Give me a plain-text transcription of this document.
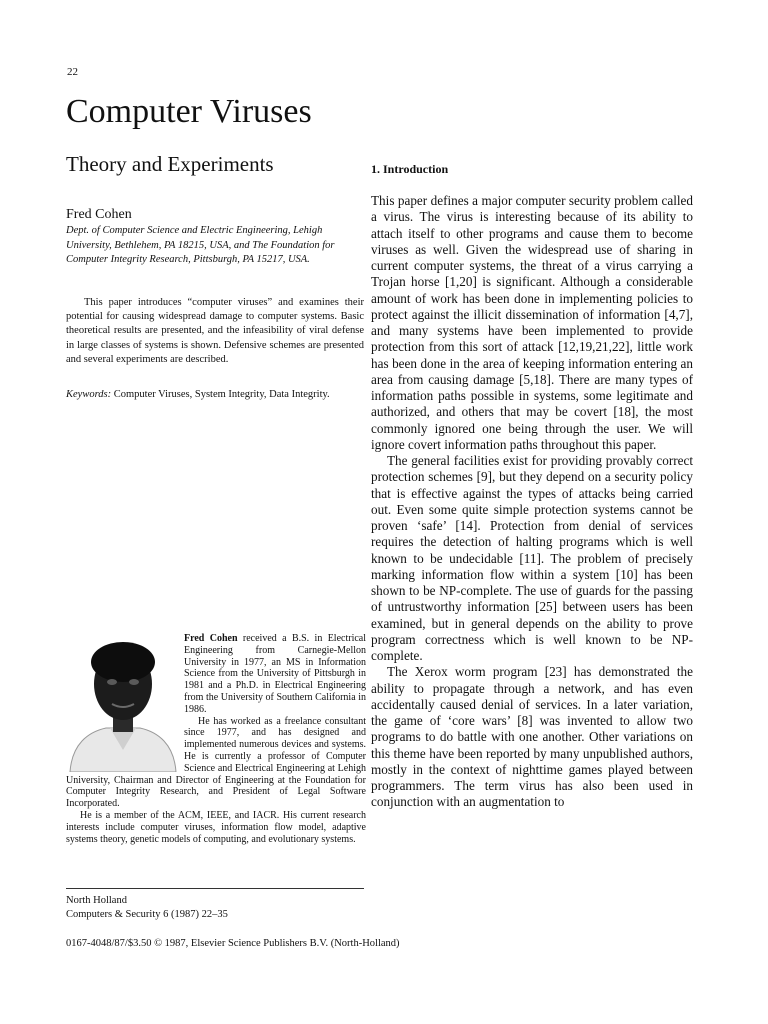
22
Computer Viruses
Theory and Experiments
Fred Cohen
Dept. of Computer Science and Electric Engineering, Lehigh University, Bethlehem, PA 18215, USA, and The Foundation for Computer Integrity Research, Pittsburgh, PA 15217, USA.

This paper introduces “computer viruses” and examines their potential for causing widespread damage to computer systems. Basic theoretical results are presented, and the infeasibility of viral defense in large classes of systems is shown. Defensive schemes are presented and several experiments are described.

Keywords: Computer Viruses, System Integrity, Data Integrity.

Fred Cohen received a B.S. in Electrical Engineering from Carnegie-Mellon University in 1977, an MS in Information Science from the University of Pittsburgh in 1981 and a Ph.D. in Electrical Engineering from the University of Southern California in 1986.

He has worked as a freelance consultant since 1977, and has designed and implemented numerous devices and systems. He is currently a professor of Computer Science and Electrical Engineering at Lehigh University, Chairman and Director of Engineering at the Foundation for Computer Integrity Research, and President of Legal Software Incorporated.

He is a member of the ACM, IEEE, and IACR. His current research interests include computer viruses, information flow model, adaptive systems theory, genetic models of computing, and evolutionary systems.

North Holland
Computers & Security 6 (1987) 22–35
0167-4048/87/$3.50 © 1987, Elsevier Science Publishers B.V. (North-Holland)
1. Introduction

This paper defines a major computer security problem called a virus. The virus is interesting because of its ability to attach itself to other programs and cause them to become viruses as well. Given the widespread use of sharing in current computer systems, the threat of a virus carrying a Trojan horse [1,20] is significant. Although a considerable amount of work has been done in implementing policies to protect against the illicit dissemination of information [4,7], and many systems have been implemented to provide protection from this sort of attack [12,19,21,22], little work has been done in the area of keeping information entering an area from causing damage [5,18]. There are many types of information paths possible in systems, some legitimate and authorized, and others that may be covert [18], the most commonly ignored one being through the user. We will ignore covert information paths throughout this paper.

The general facilities exist for providing provably correct protection schemes [9], but they depend on a security policy that is effective against the types of attacks being carried out. Even some quite simple protection systems cannot be proven ‘safe’ [14]. Protection from denial of services requires the detection of halting programs which is well known to be undecidable [11]. The problem of precisely marking information flow within a system [10] has been shown to be NP-complete. The use of guards for the passing of untrustworthy information [25] between users has been examined, but in general depends on the ability to prove program correctness which is well known to be NP-complete.

The Xerox worm program [23] has demonstrated the ability to propagate through a network, and has even accidentally caused denial of services. In a later variation, the game of ‘core wars’ [8] was invented to allow two programs to do battle with one another. Other variations on this theme have been reported by many unpublished authors, mostly in the context of nighttime games played between programmers. The term virus has also been used in conjunction with an augmentation to
